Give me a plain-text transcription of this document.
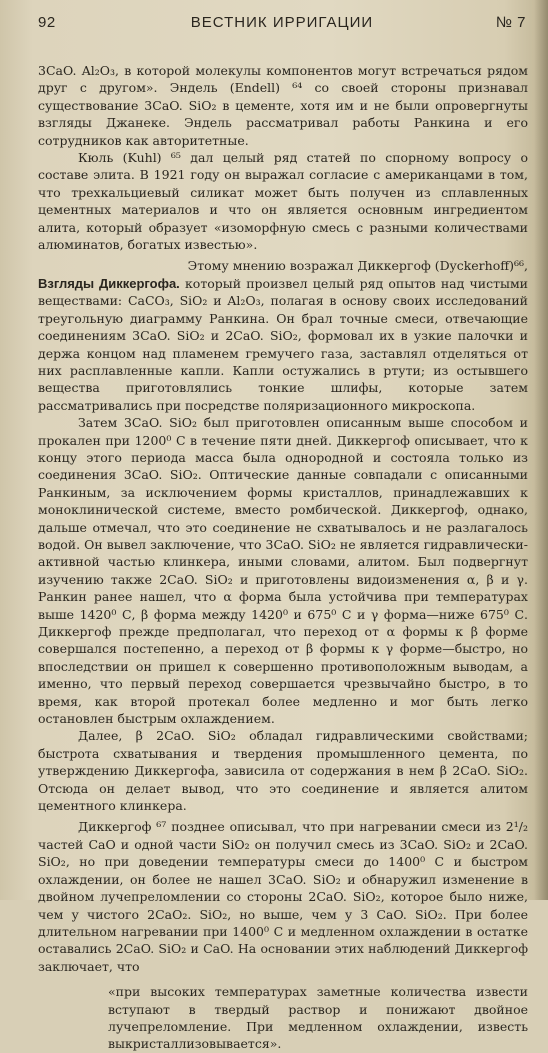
92	ВЕСТНИК ИРРИГАЦИИ	№ 7

3CaO. Al₂O₃, в которой молекулы компонентов могут встречаться рядом друг с другом». Эндель (Endell) ⁶⁴ со своей стороны признавал существование 3CaO. SiO₂ в цементе, хотя им и не были опровергнуты взгляды Джанеке. Эндель рассматривал работы Ранкина и его сотрудников как авторитетные.

Кюль (Kuhl) ⁶⁵ дал целый ряд статей по спорному вопросу о составе элита. В 1921 году он выражал согласие с американцами в том, что трехкальциевый силикат может быть получен из сплавленных цементных материалов и что он является основным ингредиентом алита, который образует «изоморфную смесь с разными количествами алюминатов, богатых известью».

Этому мнению возражал Диккергоф (Dyckerhoff)⁶⁶,
Взгляды Диккергофа. который произвел целый ряд опытов над чистыми веществами: CaCO₃, SiO₂ и Al₂O₃, полагая в основу своих исследований треугольную диаграмму Ранкина. Он брал точные смеси, отвечающие соединениям 3CaO. SiO₂ и 2CaO. SiO₂, формовал их в узкие палочки и держа концом над пламенем гремучего газа, заставлял отделяться от них расплавленные капли. Капли остужались в ртути; из остывшего вещества приготовлялись тонкие шлифы, которые затем рассматривались при посредстве поляризационного микроскопа.

Затем 3CaO. SiO₂ был приготовлен описанным выше способом и прокален при 1200⁰ С в течение пяти дней. Диккергоф описывает, что к концу этого периода масса была однородной и состояла только из соединения 3CaO. SiO₂. Оптические данные совпадали с описанными Ранкиным, за исключением формы кристаллов, принадлежавших к моноклинической системе, вместо ромбической. Диккергоф, однако, дальше отмечал, что это соединение не схватывалось и не разлагалось водой. Он вывел заключение, что 3CaO. SiO₂ не является гидравлически-активной частью клинкера, иными словами, алитом. Был подвергнут изучению также 2CaO. SiO₂ и приготовлены видоизменения α, β и γ. Ранкин ранее нашел, что α форма была устойчива при температурах выше 1420⁰ С, β форма между 1420⁰ и 675⁰ С и γ форма—ниже 675⁰ С. Диккергоф прежде предполагал, что переход от α формы к β форме совершался постепенно, а переход от β формы к γ форме—быстро, но впоследствии он пришел к совершенно противоположным выводам, а именно, что первый переход совершается чрезвычайно быстро, в то время, как второй протекал более медленно и мог быть легко остановлен быстрым охлаждением.

Далее, β 2CaO. SiO₂ обладал гидравлическими свойствами; быстрота схватывания и твердения промышленного цемента, по утверждению Диккергофа, зависила от содержания в нем β 2CaO. SiO₂. Отсюда он делает вывод, что это соединение и является алитом цементного клинкера.

Диккергоф ⁶⁷ позднее описывал, что при нагревании смеси из 2¹/₂ частей CaO и одной части SiO₂ он получил смесь из 3CaO. SiO₂ и 2CaO. SiO₂, но при доведении температуры смеси до 1400⁰ С и быстром охлаждении, он более не нашел 3CaO. SiO₂ и обнаружил изменение в двойном лучепреломлении со стороны 2CaO. SiO₂, которое было ниже, чем у чистого 2CaO₂. SiO₂, но выше, чем у 3 CaO. SiO₂. При более длительном нагревании при 1400⁰ С и медленном охлаждении в остатке оставались 2CaO. SiO₂ и CaO. На основании этих наблюдений Диккергоф заключает, что

«при высоких температурах заметные количества извести вступают в твердый раствор и понижают двойное лучепреломление. При медленном охлаждении, известь выкристаллизовывается».
